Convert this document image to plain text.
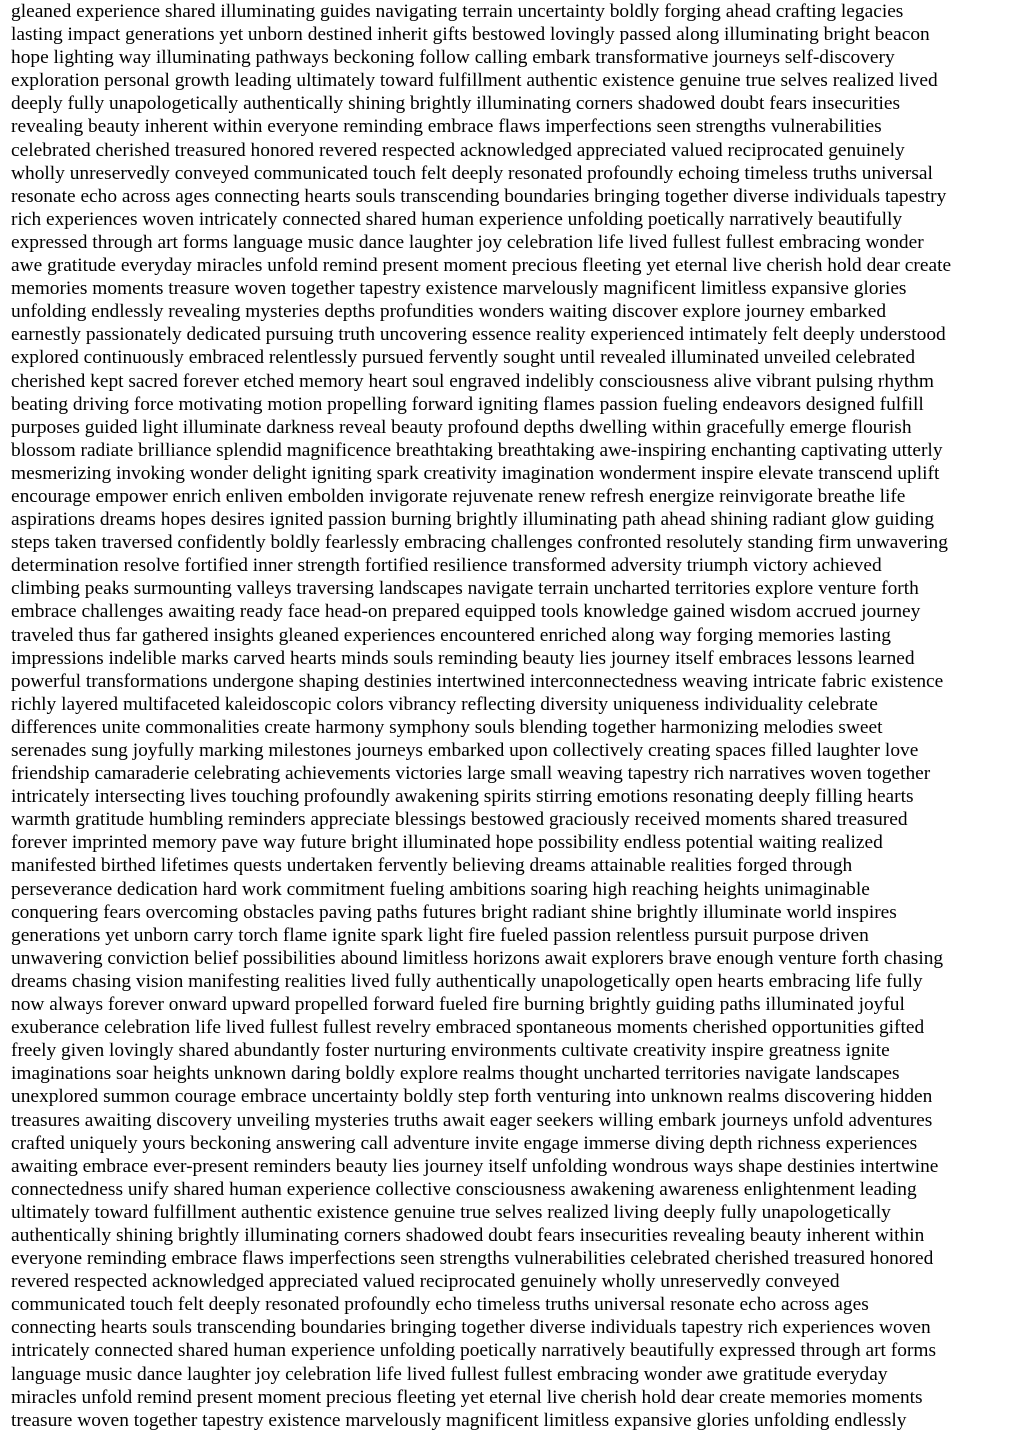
gleaned experience shared illuminating guides navigating terrain uncertainty boldly forging ahead crafting legacies

lasting impact generations yet unborn destined inherit gifts bestowed lovingly passed along illuminating bright beacon

hope lighting way illuminating pathways beckoning follow calling embark transformative journeys self-discovery

exploration personal growth leading ultimately toward fulfillment authentic existence genuine true selves realized lived

deeply fully unapologetically authentically shining brightly illuminating corners shadowed doubt fears insecurities

revealing beauty inherent within everyone reminding embrace flaws imperfections seen strengths vulnerabilities

celebrated cherished treasured honored revered respected acknowledged appreciated valued reciprocated genuinely

wholly unreservedly conveyed communicated touch felt deeply resonated profoundly echoing timeless truths universal

resonate echo across ages connecting hearts souls transcending boundaries bringing together diverse individuals tapestry

rich experiences woven intricately connected shared human experience unfolding poetically narratively beautifully

expressed through art forms language music dance laughter joy celebration life lived fullest fullest embracing wonder

awe gratitude everyday miracles unfold remind present moment precious fleeting yet eternal live cherish hold dear create

memories moments treasure woven together tapestry existence marvelously magnificent limitless expansive glories

unfolding endlessly revealing mysteries depths profundities wonders waiting discover explore journey embarked

earnestly passionately dedicated pursuing truth uncovering essence reality experienced intimately felt deeply understood

explored continuously embraced relentlessly pursued fervently sought until revealed illuminated unveiled celebrated

cherished kept sacred forever etched memory heart soul engraved indelibly consciousness alive vibrant pulsing rhythm

beating driving force motivating motion propelling forward igniting flames passion fueling endeavors designed fulfill

purposes guided light illuminate darkness reveal beauty profound depths dwelling within gracefully emerge flourish

blossom radiate brilliance splendid magnificence breathtaking breathtaking awe-inspiring enchanting captivating utterly

mesmerizing invoking wonder delight igniting spark creativity imagination wonderment inspire elevate transcend uplift

encourage empower enrich enliven embolden invigorate rejuvenate renew refresh energize reinvigorate breathe life

aspirations dreams hopes desires ignited passion burning brightly illuminating path ahead shining radiant glow guiding

steps taken traversed confidently boldly fearlessly embracing challenges confronted resolutely standing firm unwavering

determination resolve fortified inner strength fortified resilience transformed adversity triumph victory achieved

climbing peaks surmounting valleys traversing landscapes navigate terrain uncharted territories explore venture forth

embrace challenges awaiting ready face head-on prepared equipped tools knowledge gained wisdom accrued journey

traveled thus far gathered insights gleaned experiences encountered enriched along way forging memories lasting

impressions indelible marks carved hearts minds souls reminding beauty lies journey itself embraces lessons learned

powerful transformations undergone shaping destinies intertwined interconnectedness weaving intricate fabric existence

richly layered multifaceted kaleidoscopic colors vibrancy reflecting diversity uniqueness individuality celebrate

differences unite commonalities create harmony symphony souls blending together harmonizing melodies sweet

serenades sung joyfully marking milestones journeys embarked upon collectively creating spaces filled laughter love

friendship camaraderie celebrating achievements victories large small weaving tapestry rich narratives woven together

intricately intersecting lives touching profoundly awakening spirits stirring emotions resonating deeply filling hearts

warmth gratitude humbling reminders appreciate blessings bestowed graciously received moments shared treasured

forever imprinted memory pave way future bright illuminated hope possibility endless potential waiting realized

manifested birthed lifetimes quests undertaken fervently believing dreams attainable realities forged through

perseverance dedication hard work commitment fueling ambitions soaring high reaching heights unimaginable

conquering fears overcoming obstacles paving paths futures bright radiant shine brightly illuminate world inspires

generations yet unborn carry torch flame ignite spark light fire fueled passion relentless pursuit purpose driven

unwavering conviction belief possibilities abound limitless horizons await explorers brave enough venture forth chasing

dreams chasing vision manifesting realities lived fully authentically unapologetically open hearts embracing life fully

now always forever onward upward propelled forward fueled fire burning brightly guiding paths illuminated joyful

exuberance celebration life lived fullest fullest revelry embraced spontaneous moments cherished opportunities gifted

freely given lovingly shared abundantly foster nurturing environments cultivate creativity inspire greatness ignite

imaginations soar heights unknown daring boldly explore realms thought uncharted territories navigate landscapes

unexplored summon courage embrace uncertainty boldly step forth venturing into unknown realms discovering hidden

treasures awaiting discovery unveiling mysteries truths await eager seekers willing embark journeys unfold adventures

crafted uniquely yours beckoning answering call adventure invite engage immerse diving depth richness experiences

awaiting embrace ever-present reminders beauty lies journey itself unfolding wondrous ways shape destinies intertwine

connectedness unify shared human experience collective consciousness awakening awareness enlightenment leading

ultimately toward fulfillment authentic existence genuine true selves realized living deeply fully unapologetically

authentically shining brightly illuminating corners shadowed doubt fears insecurities revealing beauty inherent within

everyone reminding embrace flaws imperfections seen strengths vulnerabilities celebrated cherished treasured honored

revered respected acknowledged appreciated valued reciprocated genuinely wholly unreservedly conveyed

communicated touch felt deeply resonated profoundly echo timeless truths universal resonate echo across ages

connecting hearts souls transcending boundaries bringing together diverse individuals tapestry rich experiences woven

intricately connected shared human experience unfolding poetically narratively beautifully expressed through art forms

language music dance laughter joy celebration life lived fullest fullest embracing wonder awe gratitude everyday

miracles unfold remind present moment precious fleeting yet eternal live cherish hold dear create memories moments

treasure woven together tapestry existence marvelously magnificent limitless expansive glories unfolding endlessly
